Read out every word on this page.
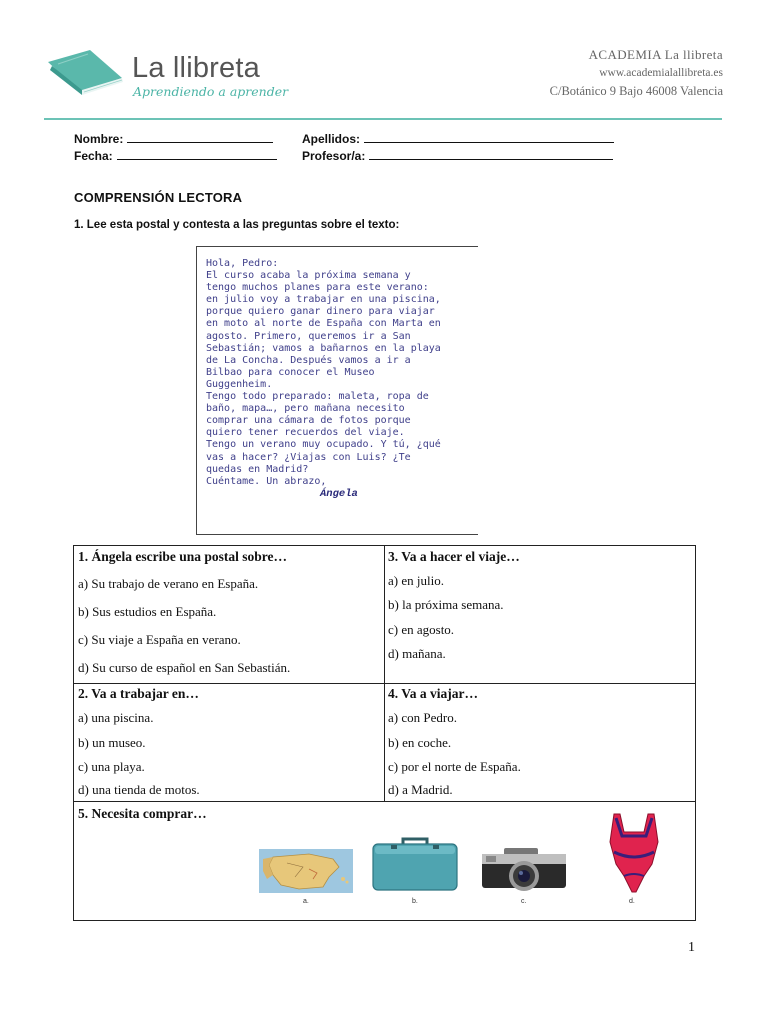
La llibreta
Aprendiendo a aprender
ACADEMIA La llibreta
www.academialallibreta.es
C/Botánico 9 Bajo 46008 Valencia
Nombre:	Apellidos:
Fecha:	Profesor/a:
COMPRENSIÓN LECTORA
1. Lee esta postal y contesta a las preguntas sobre el texto:
Hola, Pedro:
El curso acaba la próxima semana y
tengo muchos planes para este verano:
en julio voy a trabajar en una piscina,
porque quiero ganar dinero para viajar
en moto al norte de España con Marta en
agosto. Primero, queremos ir a San
Sebastián; vamos a bañarnos en la playa
de La Concha. Después vamos a ir a
Bilbao para conocer el Museo
Guggenheim.
Tengo todo preparado: maleta, ropa de
baño, mapa…, pero mañana necesito
comprar una cámara de fotos porque
quiero tener recuerdos del viaje.
Tengo un verano muy ocupado. Y tú, ¿qué
vas a hacer? ¿Viajas con Luis? ¿Te
quedas en Madrid?
Cuéntame. Un abrazo,
Ángela
1. Ángela escribe una postal sobre…
a) Su trabajo de verano en España.
b) Sus estudios en España.
c) Su viaje a España en verano.
d) Su curso de español en San Sebastián.
3. Va a hacer el viaje…
a) en julio.
b) la próxima semana.
c) en agosto.
d) mañana.
2. Va a trabajar en…
a) una piscina.
b) un museo.
c) una playa.
d) una tienda de motos.
4. Va a viajar…
a) con Pedro.
b) en coche.
c) por el norte de España.
d) a Madrid.
5. Necesita comprar…
a.	b.	c.	d.
1
